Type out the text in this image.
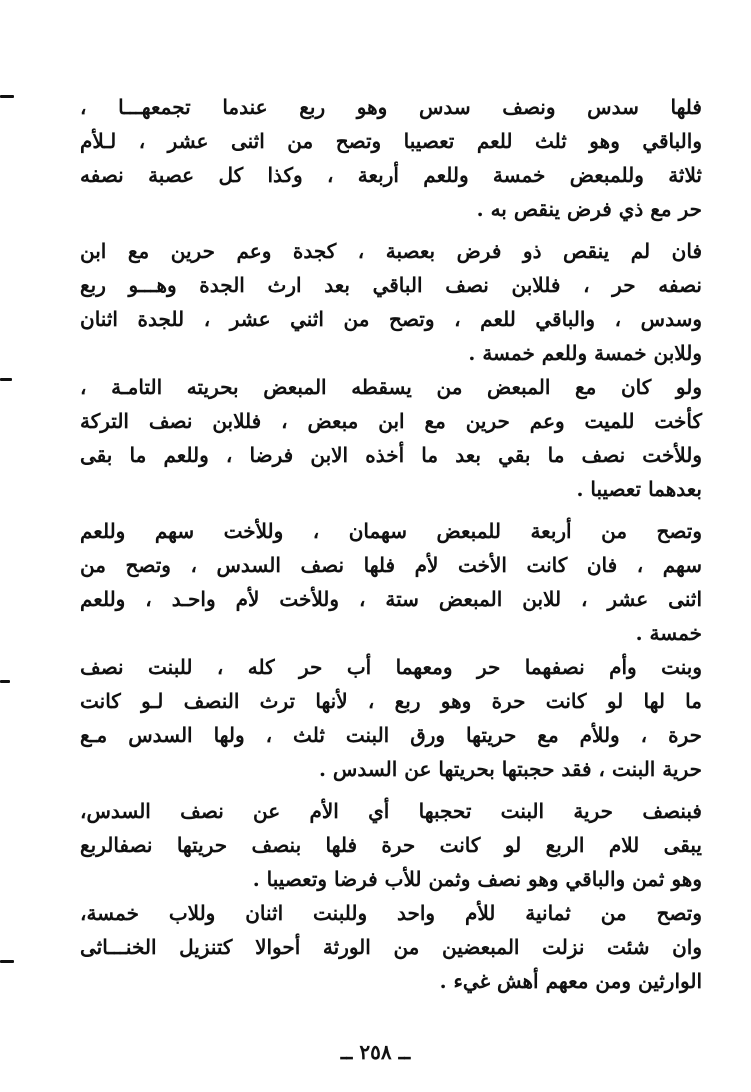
فلها سدس ونصف سدس وهو ربع عندما تجمعهـــا ،
والباقي وهو ثلث للعم تعصيبا وتصح من اثنى عشر ، لـلأم
ثلاثة وللمبعض خمسة وللعم أربعة ، وكذا كل عصبة نصفه
حر مع ذي فرض ينقص به .
فان لم ينقص ذو فرض بعصبة ، كجدة وعم حرين مع ابن
نصفه حر ، فللابن نصف الباقي بعد ارث الجدة وهـــو ربع
وسدس ، والباقي للعم ، وتصح من اثني عشر ، للجدة اثنان
وللابن خمسة وللعم خمسة .
ولو كان مع المبعض من يسقطه المبعض بحريته التامـة ،
كأخت للميت وعم حرين مع ابن مبعض ، فللابن نصف التركة
وللأخت نصف ما بقي بعد ما أخذه الابن فرضا ، وللعم ما بقى
بعدهما تعصيبا .
وتصح من أربعة للمبعض سهمان ، وللأخت سهم وللعم
سهم ، فان كانت الأخت لأم فلها نصف السدس ، وتصح من
اثنى عشر ، للابن المبعض ستة ، وللأخت لأم واحـد ، وللعم
خمسة .
وبنت وأم نصفهما حر ومعهما أب حر كله ، للبنت نصف
ما لها لو كانت حرة وهو ربع ، لأنها ترث النصف لـو كانت
حرة ، وللأم مع حريتها ورق البنت ثلث ، ولها السدس مـع
حرية البنت ، فقد حجبتها بحريتها عن السدس .
فبنصف حرية البنت تحجبها أي الأم عن نصف السدس،
يبقى للام الربع لو كانت حرة فلها بنصف حريتها نصفالربع
وهو ثمن والباقي وهو نصف وثمن للأب فرضا وتعصيبا .
وتصح من ثمانية للأم واحد وللبنت اثنان وللاب خمسة،
وان شئت نزلت المبعضين من الورثة أحوالا كتنزيل الخنـــاثى
الوارثين ومن معهم أهش غيء .
ــ ٢٥٨ ــ
